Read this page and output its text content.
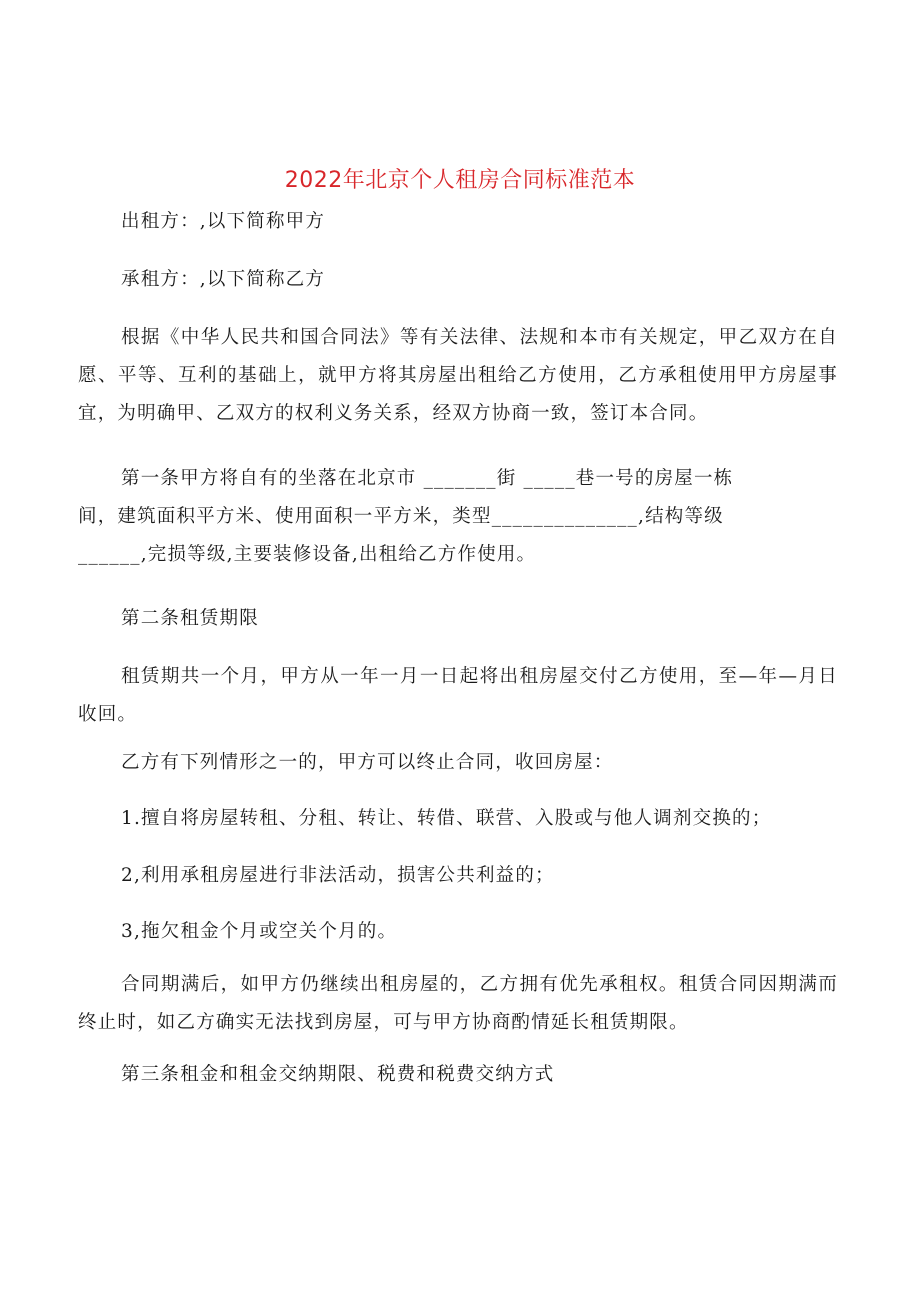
2022年北京个人租房合同标准范本

出租方：,以下简称甲方

承租方：,以下简称乙方

根据《中华人民共和国合同法》等有关法律、法规和本市有关规定，甲乙双方在自愿、平等、互利的基础上，就甲方将其房屋出租给乙方使用，乙方承租使用甲方房屋事宜，为明确甲、乙双方的权利义务关系，经双方协商一致，签订本合同。

第一条甲方将自有的坐落在北京市 _______街 _____巷一号的房屋一栋
间，建筑面积平方米、使用面积一平方米，类型______________,结构等级
______,完损等级,主要装修设备,出租给乙方作使用。

第二条租赁期限

租赁期共一个月，甲方从一年一月一日起将出租房屋交付乙方使用，至—年—月日收回。

乙方有下列情形之一的，甲方可以终止合同，收回房屋：

1.擅自将房屋转租、分租、转让、转借、联营、入股或与他人调剂交换的；

2,利用承租房屋进行非法活动，损害公共利益的；

3,拖欠租金个月或空关个月的。

合同期满后，如甲方仍继续出租房屋的，乙方拥有优先承租权。租赁合同因期满而终止时，如乙方确实无法找到房屋，可与甲方协商酌情延长租赁期限。

第三条租金和租金交纳期限、税费和税费交纳方式
